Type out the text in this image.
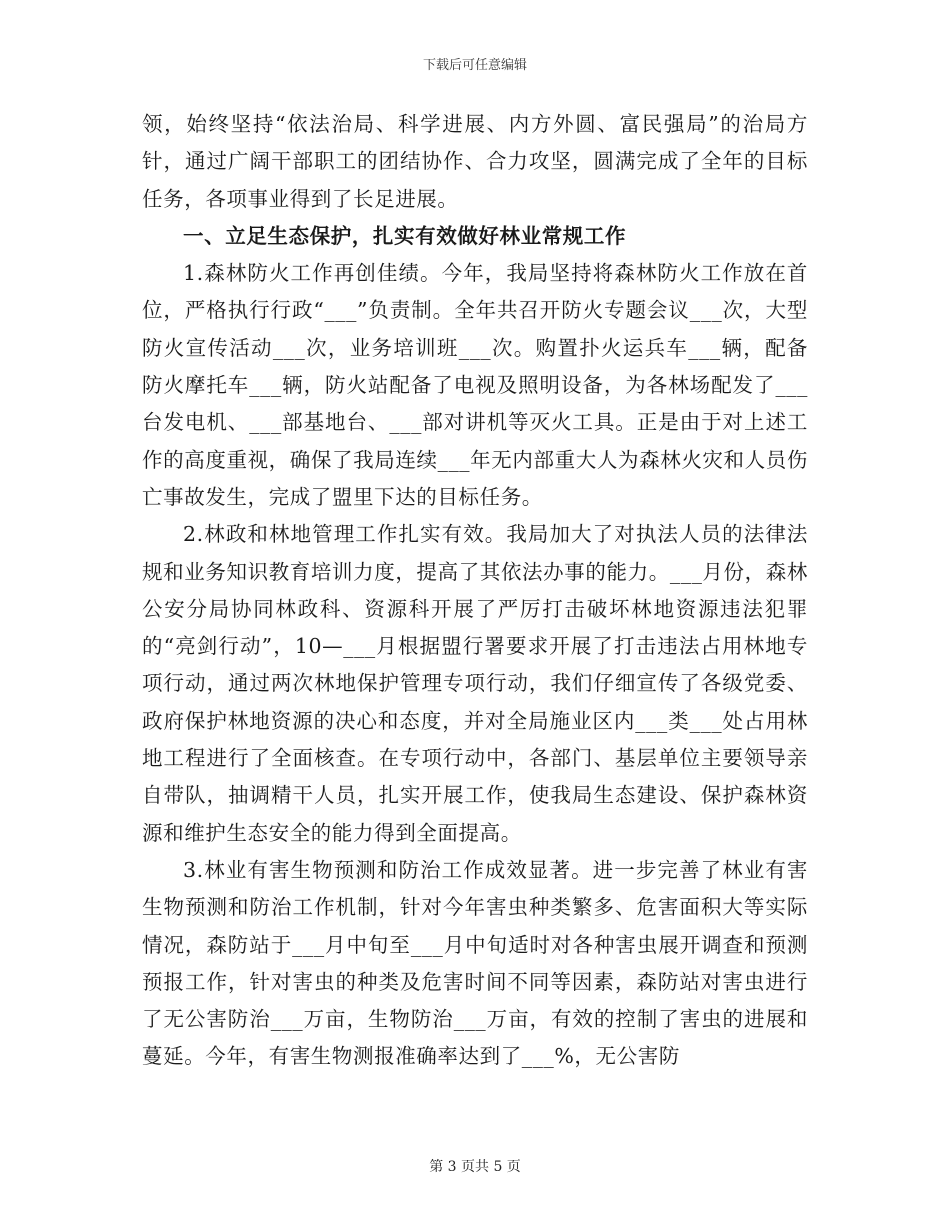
下载后可任意编辑

领，始终坚持“依法治局、科学进展、内方外圆、富民强局”的治局方针，通过广阔干部职工的团结协作、合力攻坚，圆满完成了全年的目标任务，各项事业得到了长足进展。

一、立足生态保护，扎实有效做好林业常规工作

1.森林防火工作再创佳绩。今年，我局坚持将森林防火工作放在首位，严格执行行政“___”负责制。全年共召开防火专题会议___次，大型防火宣传活动___次，业务培训班___次。购置扑火运兵车___辆，配备防火摩托车___辆，防火站配备了电视及照明设备，为各林场配发了___台发电机、___部基地台、___部对讲机等灭火工具。正是由于对上述工作的高度重视，确保了我局连续___年无内部重大人为森林火灾和人员伤亡事故发生，完成了盟里下达的目标任务。

2.林政和林地管理工作扎实有效。我局加大了对执法人员的法律法规和业务知识教育培训力度，提高了其依法办事的能力。___月份，森林公安分局协同林政科、资源科开展了严厉打击破坏林地资源违法犯罪的“亮剑行动”，10—___月根据盟行署要求开展了打击违法占用林地专项行动，通过两次林地保护管理专项行动，我们仔细宣传了各级党委、政府保护林地资源的决心和态度，并对全局施业区内___类___处占用林地工程进行了全面核查。在专项行动中，各部门、基层单位主要领导亲自带队，抽调精干人员，扎实开展工作，使我局生态建设、保护森林资源和维护生态安全的能力得到全面提高。

3.林业有害生物预测和防治工作成效显著。进一步完善了林业有害生物预测和防治工作机制，针对今年害虫种类繁多、危害面积大等实际情况，森防站于___月中旬至___月中旬适时对各种害虫展开调查和预测预报工作，针对害虫的种类及危害时间不同等因素，森防站对害虫进行了无公害防治___万亩，生物防治___万亩，有效的控制了害虫的进展和蔓延。今年，有害生物测报准确率达到了___%，无公害防

第 3 页共 5 页
